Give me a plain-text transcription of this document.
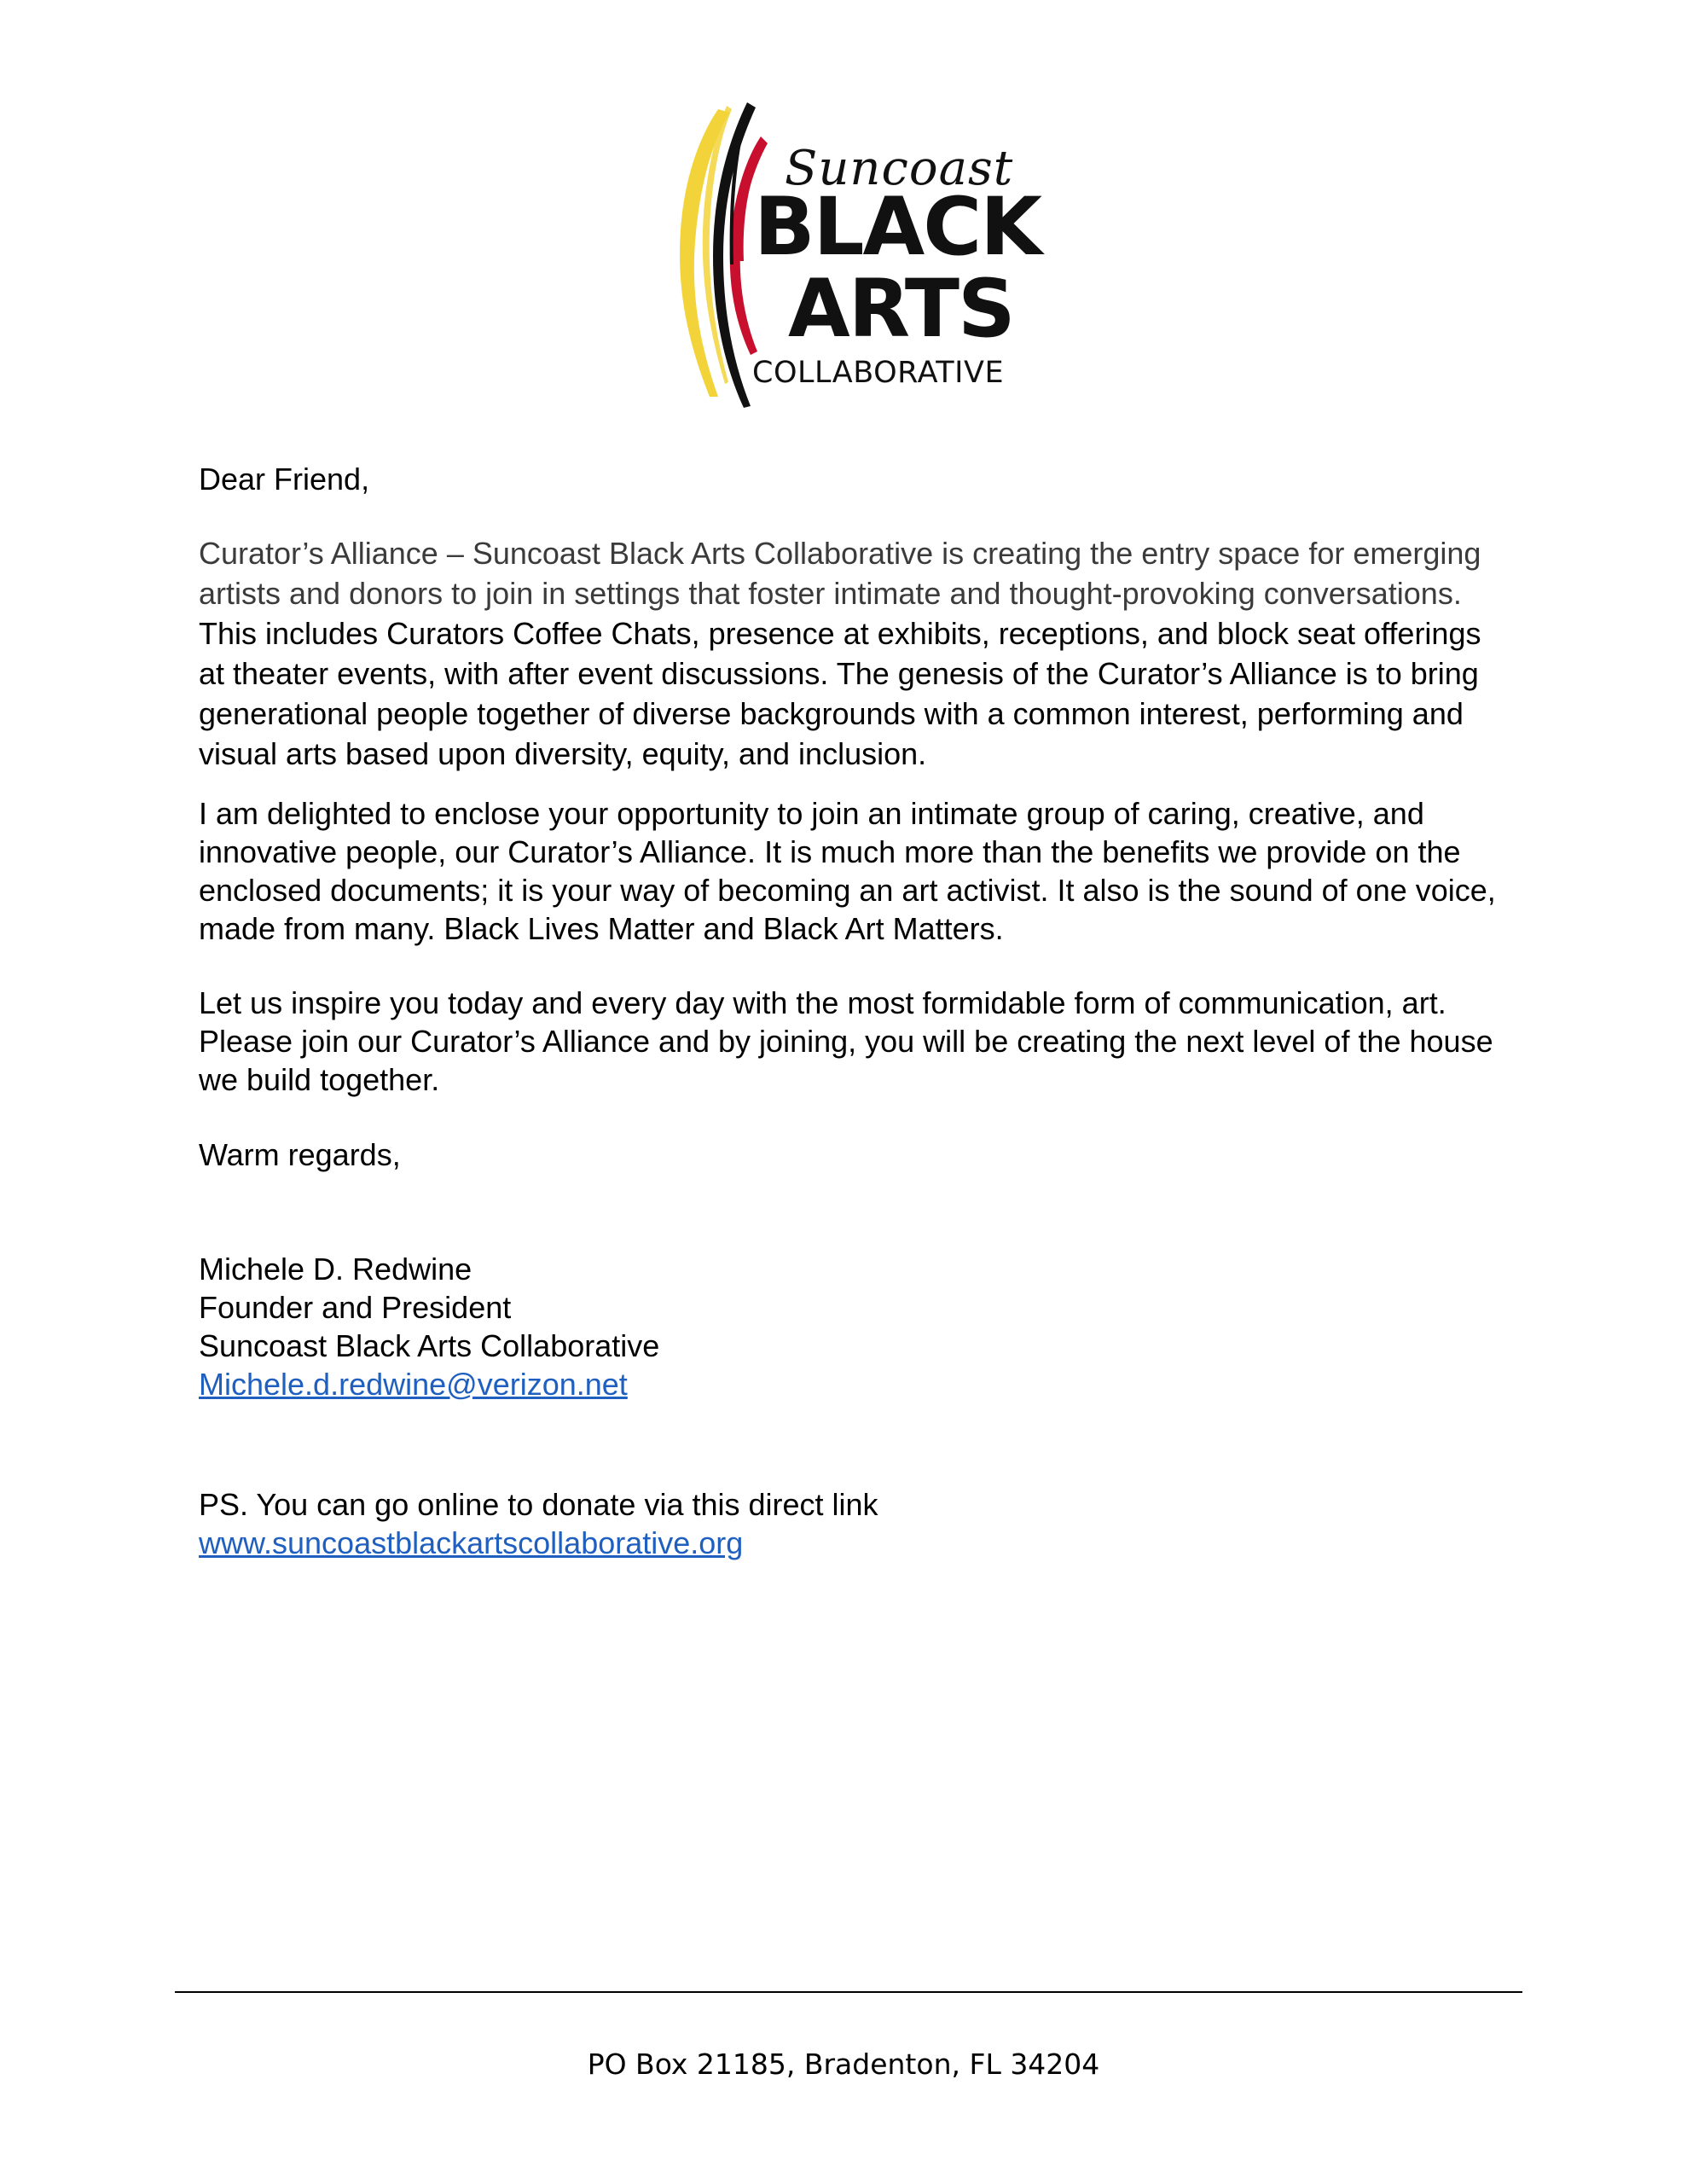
Suncoast
BLACK
ARTS
COLLABORATIVE

Dear Friend,

Curator’s Alliance – Suncoast Black Arts Collaborative is creating the entry space for emerging artists and donors to join in settings that foster intimate and thought-provoking conversations. This includes Curators Coffee Chats, presence at exhibits, receptions, and block seat offerings at theater events, with after event discussions. The genesis of the Curator’s Alliance is to bring generational people together of diverse backgrounds with a common interest, performing and visual arts based upon diversity, equity, and inclusion.

I am delighted to enclose your opportunity to join an intimate group of caring, creative, and innovative people, our Curator’s Alliance. It is much more than the benefits we provide on the enclosed documents; it is your way of becoming an art activist. It also is the sound of one voice, made from many. Black Lives Matter and Black Art Matters.

Let us inspire you today and every day with the most formidable form of communication, art. Please join our Curator’s Alliance and by joining, you will be creating the next level of the house we build together.

Warm regards,

Michele D. Redwine
Founder and President
Suncoast Black Arts Collaborative
Michele.d.redwine@verizon.net
PS. You can go online to donate via this direct link
www.suncoastblackartscollaborative.org
PO Box 21185, Bradenton, FL 34204
